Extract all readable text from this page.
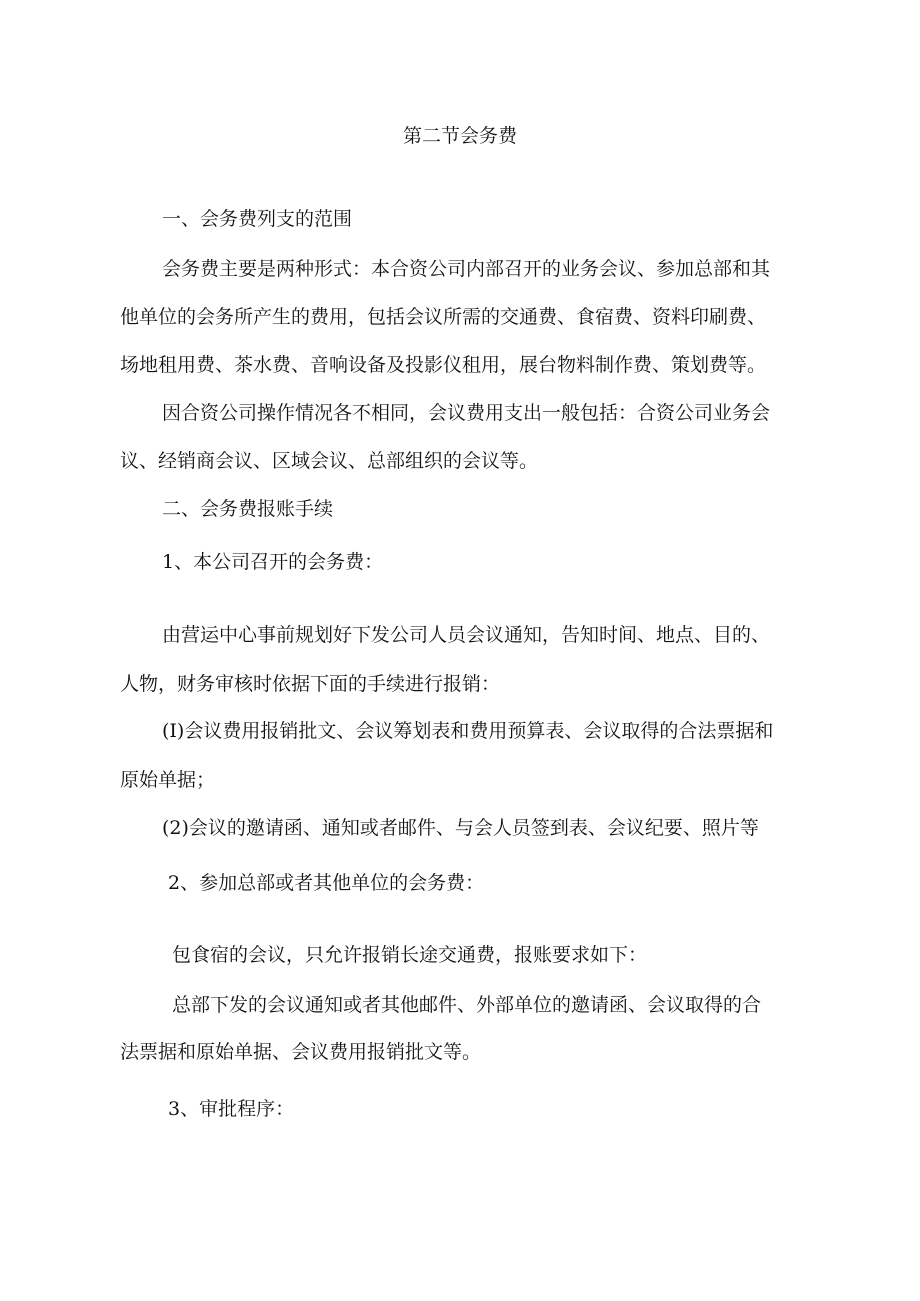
第二节会务费
一、会务费列支的范围
会务费主要是两种形式：本合资公司内部召开的业务会议、参加总部和其
他单位的会务所产生的费用，包括会议所需的交通费、食宿费、资料印刷费、
场地租用费、茶水费、音响设备及投影仪租用，展台物料制作费、策划费等。
因合资公司操作情况各不相同，会议费用支出一般包括：合资公司业务会
议、经销商会议、区域会议、总部组织的会议等。
二、会务费报账手续
1、本公司召开的会务费：
由营运中心事前规划好下发公司人员会议通知，告知时间、地点、目的、
人物，财务审核时依据下面的手续进行报销：
(I)会议费用报销批文、会议筹划表和费用预算表、会议取得的合法票据和
原始单据；
(2)会议的邀请函、通知或者邮件、与会人员签到表、会议纪要、照片等
2、参加总部或者其他单位的会务费：
包食宿的会议，只允许报销长途交通费，报账要求如下：
总部下发的会议通知或者其他邮件、外部单位的邀请函、会议取得的合
法票据和原始单据、会议费用报销批文等。
3、审批程序：
